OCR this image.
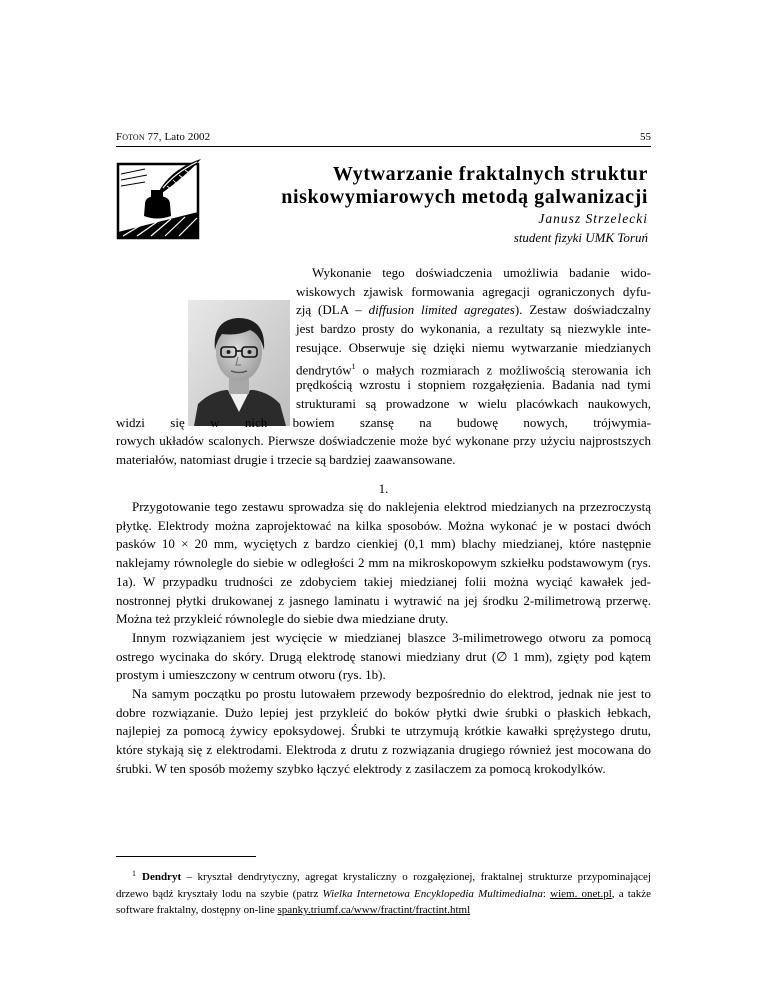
Foton 77, Lato 2002	55
Wytwarzanie fraktalnych struktur
niskowymiarowych metodą galwanizacji
Janusz Strzelecki
student fizyki UMK Toruń
Wykonanie tego doświadczenia umożliwia badanie wido-
wiskowych zjawisk formowania agregacji ograniczonych dyfu-
zją (DLA – diffusion limited agregates). Zestaw doświadczalny
jest bardzo prosty do wykonania, a rezultaty są niezwykle inte-
resujące. Obserwuje się dzięki niemu wytwarzanie miedzianych
dendrytów$^1$ o małych rozmiarach z możliwością sterowania ich
prędkością wzrostu i stopniem rozgałęzienia. Badania nad tymi
strukturami są prowadzone w wielu placówkach naukowych,
widzi się w nich bowiem szansę na budowę nowych, trójwymia-
rowych układów scalonych. Pierwsze doświadczenie może być wykonane przy użyciu najprostszych materiałów, natomiast drugie i trzecie są bardziej zaawansowane.
1.

Przygotowanie tego zestawu sprowadza się do naklejenia elektrod miedzianych na przezroczystą płytkę. Elektrody można zaprojektować na kilka sposobów. Można wykonać je w postaci dwóch pasków 10 × 20 mm, wyciętych z bardzo cienkiej (0,1 mm) blachy miedzianej, które następnie naklejamy równolegle do siebie w odległości 2 mm na mikroskopowym szkiełku podstawowym (rys. 1a). W przypadku trudności ze zdobyciem takiej miedzianej folii można wyciąć kawałek jednostronnej płytki drukowanej z jasnego laminatu i wytrawić na jej środku 2-milimetrową przerwę. Można też przykleić równolegle do siebie dwa miedziane druty.

Innym rozwiązaniem jest wycięcie w miedzianej blaszce 3-milimetrowego otworu za pomocą ostrego wycinaka do skóry. Drugą elektrodę stanowi miedziany drut (∅ 1 mm), zgięty pod kątem prostym i umieszczony w centrum otworu (rys. 1b).

Na samym początku po prostu lutowałem przewody bezpośrednio do elektrod, jednak nie jest to dobre rozwiązanie. Dużo lepiej jest przykleić do boków płytki dwie śrubki o płaskich łebkach, najlepiej za pomocą żywicy epoksydowej. Śrubki te utrzymują krótkie kawałki sprężystego drutu, które stykają się z elektrodami. Elektroda z drutu z rozwiązania drugiego również jest mocowana do śrubki. W ten sposób możemy szybko łączyć elektrody z zasilaczem za pomocą krokodylków.

$^1$ Dendryt – kryształ dendrytyczny, agregat krystaliczny o rozgałęzionej, fraktalnej strukturze przypominającej drzewo bądź kryształy lodu na szybie (patrz Wielka Internetowa Encyklopedia Multimedialna: wiem. onet.pl, a także software fraktalny, dostępny on-line spanky.triumf.ca/www/fractint/fractint.html
